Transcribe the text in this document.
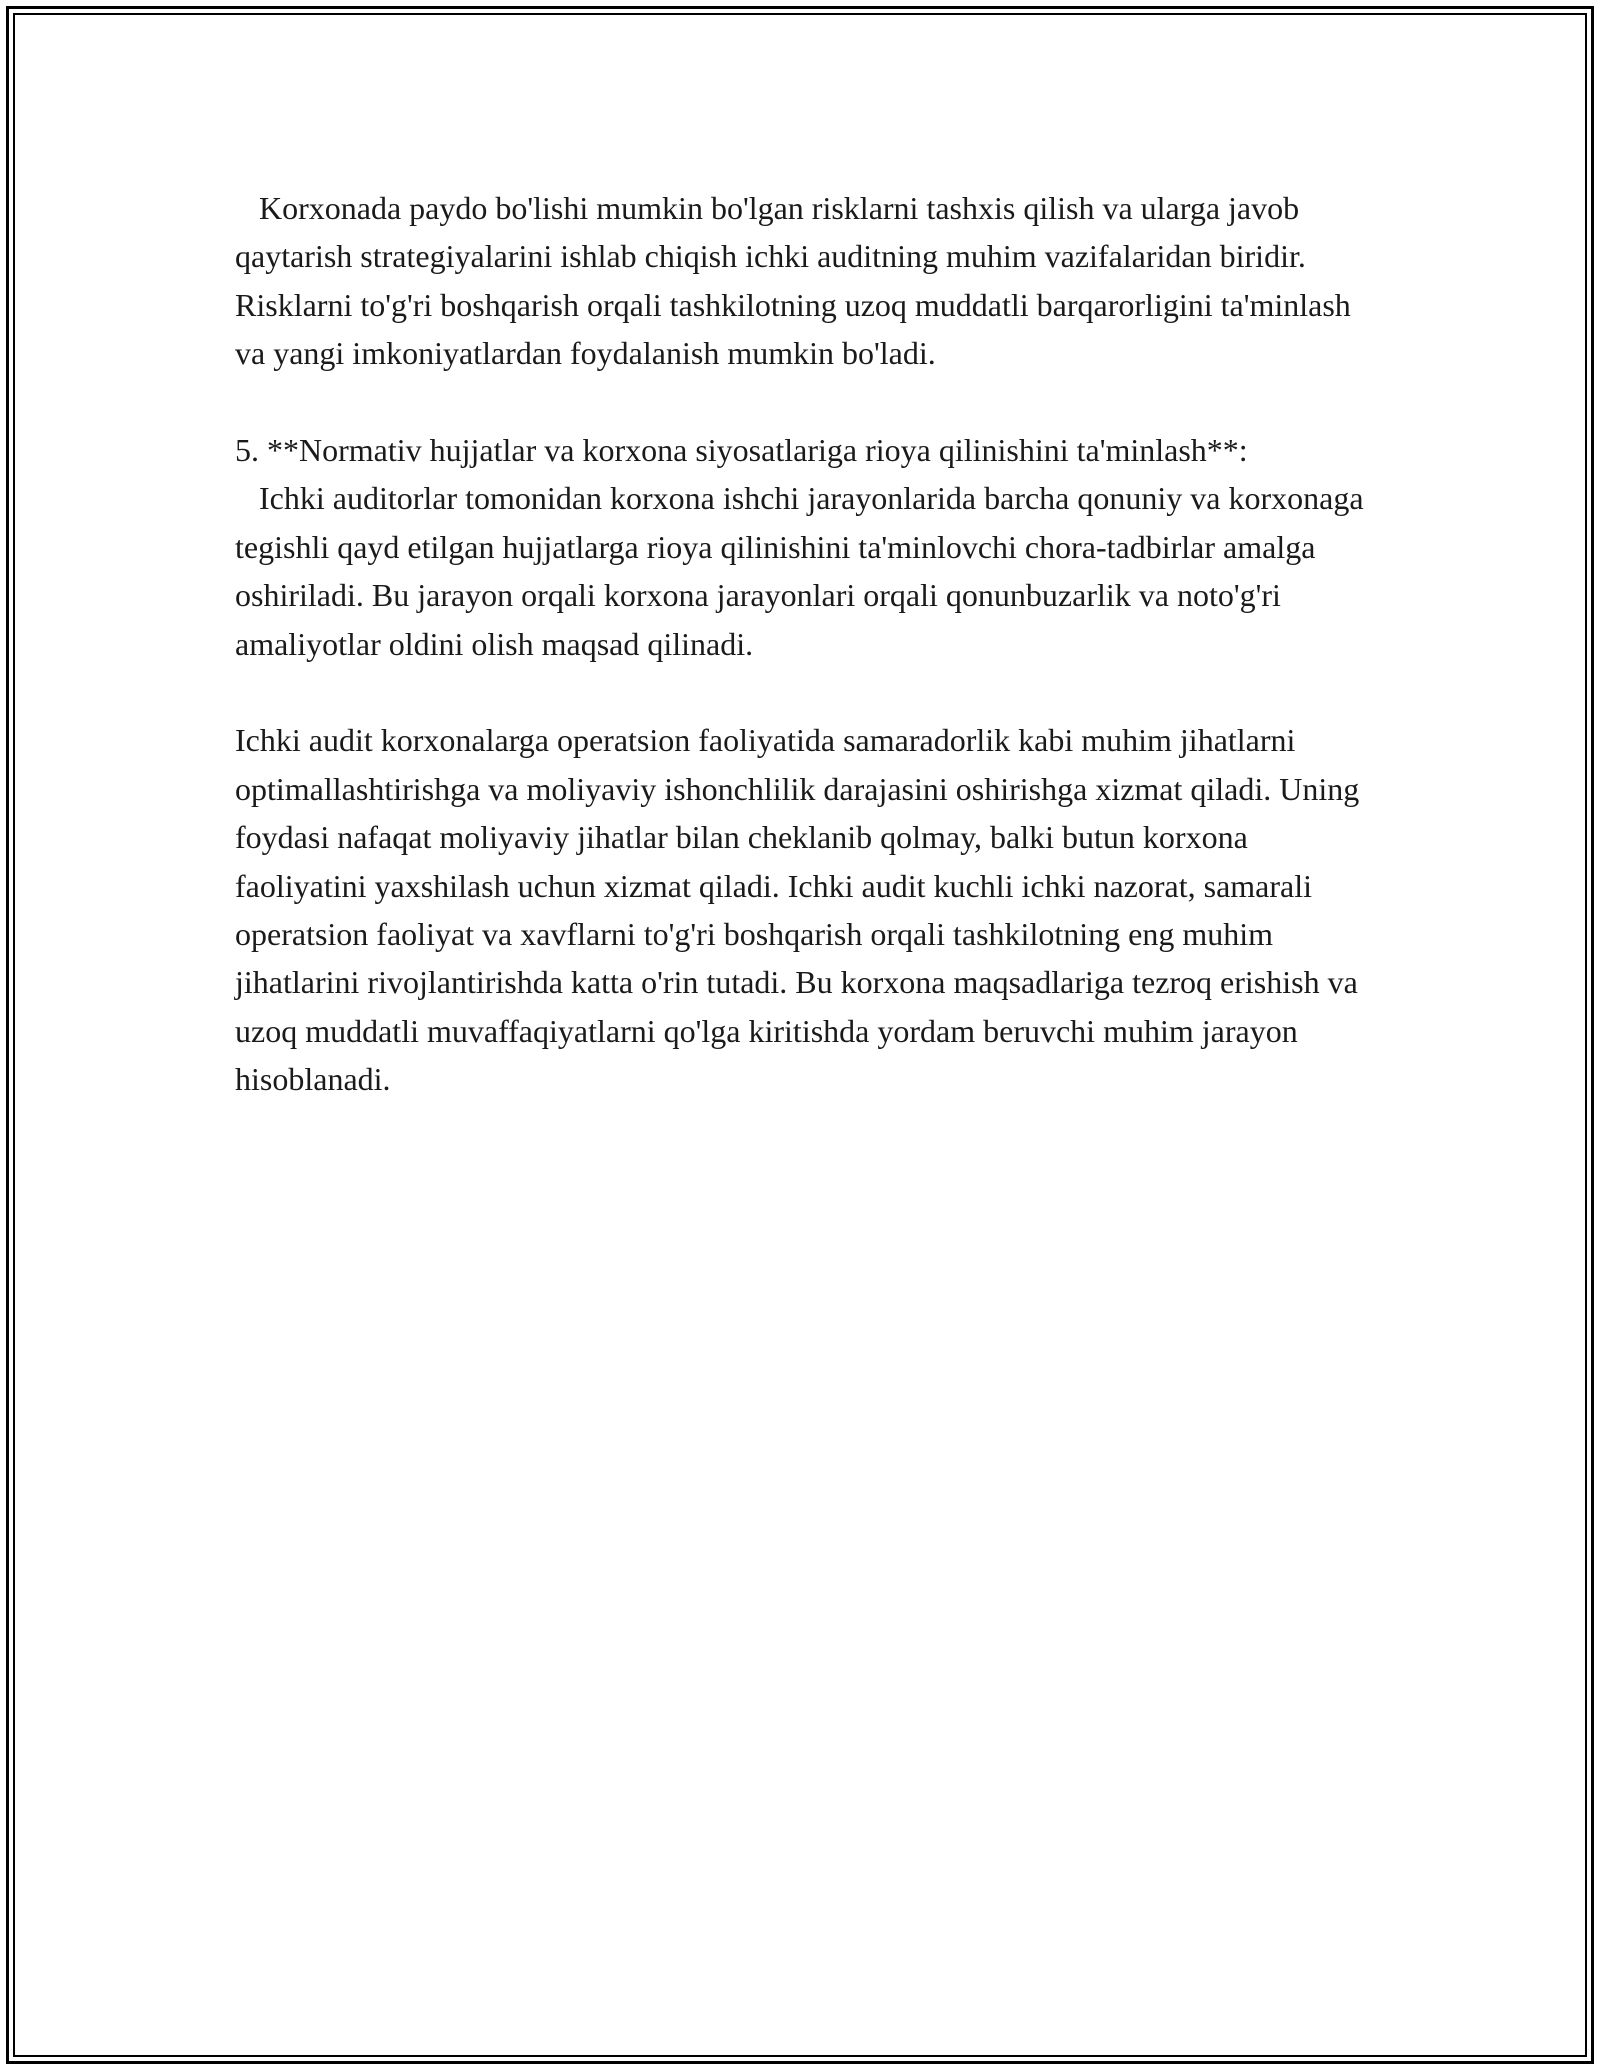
Korxonada paydo bo'lishi mumkin bo'lgan risklarni tashxis qilish va ularga javob qaytarish strategiyalarini ishlab chiqish ichki auditning muhim vazifalaridan biridir. Risklarni to'g'ri boshqarish orqali tashkilotning uzoq muddatli barqarorligini ta'minlash va yangi imkoniyatlardan foydalanish mumkin bo'ladi.

5. **Normativ hujjatlar va korxona siyosatlariga rioya qilinishini ta'minlash**:

Ichki auditorlar tomonidan korxona ishchi jarayonlarida barcha qonuniy va korxonaga tegishli qayd etilgan hujjatlarga rioya qilinishini ta'minlovchi chora-tadbirlar amalga oshiriladi. Bu jarayon orqali korxona jarayonlari orqali qonunbuzarlik va noto'g'ri amaliyotlar oldini olish maqsad qilinadi.

Ichki audit korxonalarga operatsion faoliyatida samaradorlik kabi muhim jihatlarni optimallashtirishga va moliyaviy ishonchlilik darajasini oshirishga xizmat qiladi. Uning foydasi nafaqat moliyaviy jihatlar bilan cheklanib qolmay, balki butun korxona faoliyatini yaxshilash uchun xizmat qiladi. Ichki audit kuchli ichki nazorat, samarali operatsion faoliyat va xavflarni to'g'ri boshqarish orqali tashkilotning eng muhim jihatlarini rivojlantirishda katta o'rin tutadi. Bu korxona maqsadlariga tezroq erishish va uzoq muddatli muvaffaqiyatlarni qo'lga kiritishda yordam beruvchi muhim jarayon hisoblanadi.
